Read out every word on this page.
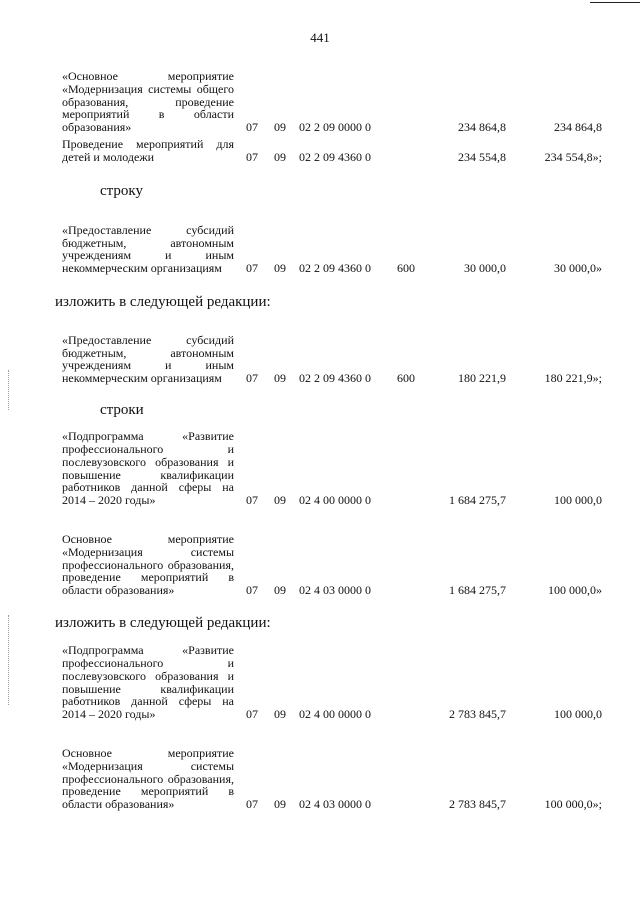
441
«Основное мероприятие «Модернизация системы общего образования, проведение мероприятий в области образования»	07 09 02 2 09 0000 0	234 864,8	234 864,8
Проведение мероприятий для детей и молодежи	07 09 02 2 09 4360 0	234 554,8	234 554,8»;
строку
«Предоставление субсидий бюджетным, автономным учреждениям и иным некоммерческим организациям	07 09 02 2 09 4360 0 600	30 000,0	30 000,0»
изложить в следующей редакции:
«Предоставление субсидий бюджетным, автономным учреждениям и иным некоммерческим организациям	07 09 02 2 09 4360 0 600	180 221,9	180 221,9»;
строки
«Подпрограмма «Развитие профессионального и послевузовского образования и повышение квалификации работников данной сферы на 2014 – 2020 годы»	07 09 02 4 00 0000 0	1 684 275,7	100 000,0
Основное мероприятие «Модернизация системы профессионального образования, проведение мероприятий в области образования»	07 09 02 4 03 0000 0	1 684 275,7	100 000,0»
изложить в следующей редакции:
«Подпрограмма «Развитие профессионального и послевузовского образования и повышение квалификации работников данной сферы на 2014 – 2020 годы»	07 09 02 4 00 0000 0	2 783 845,7	100 000,0
Основное мероприятие «Модернизация системы профессионального образования, проведение мероприятий в области образования»	07 09 02 4 03 0000 0	2 783 845,7	100 000,0»;
